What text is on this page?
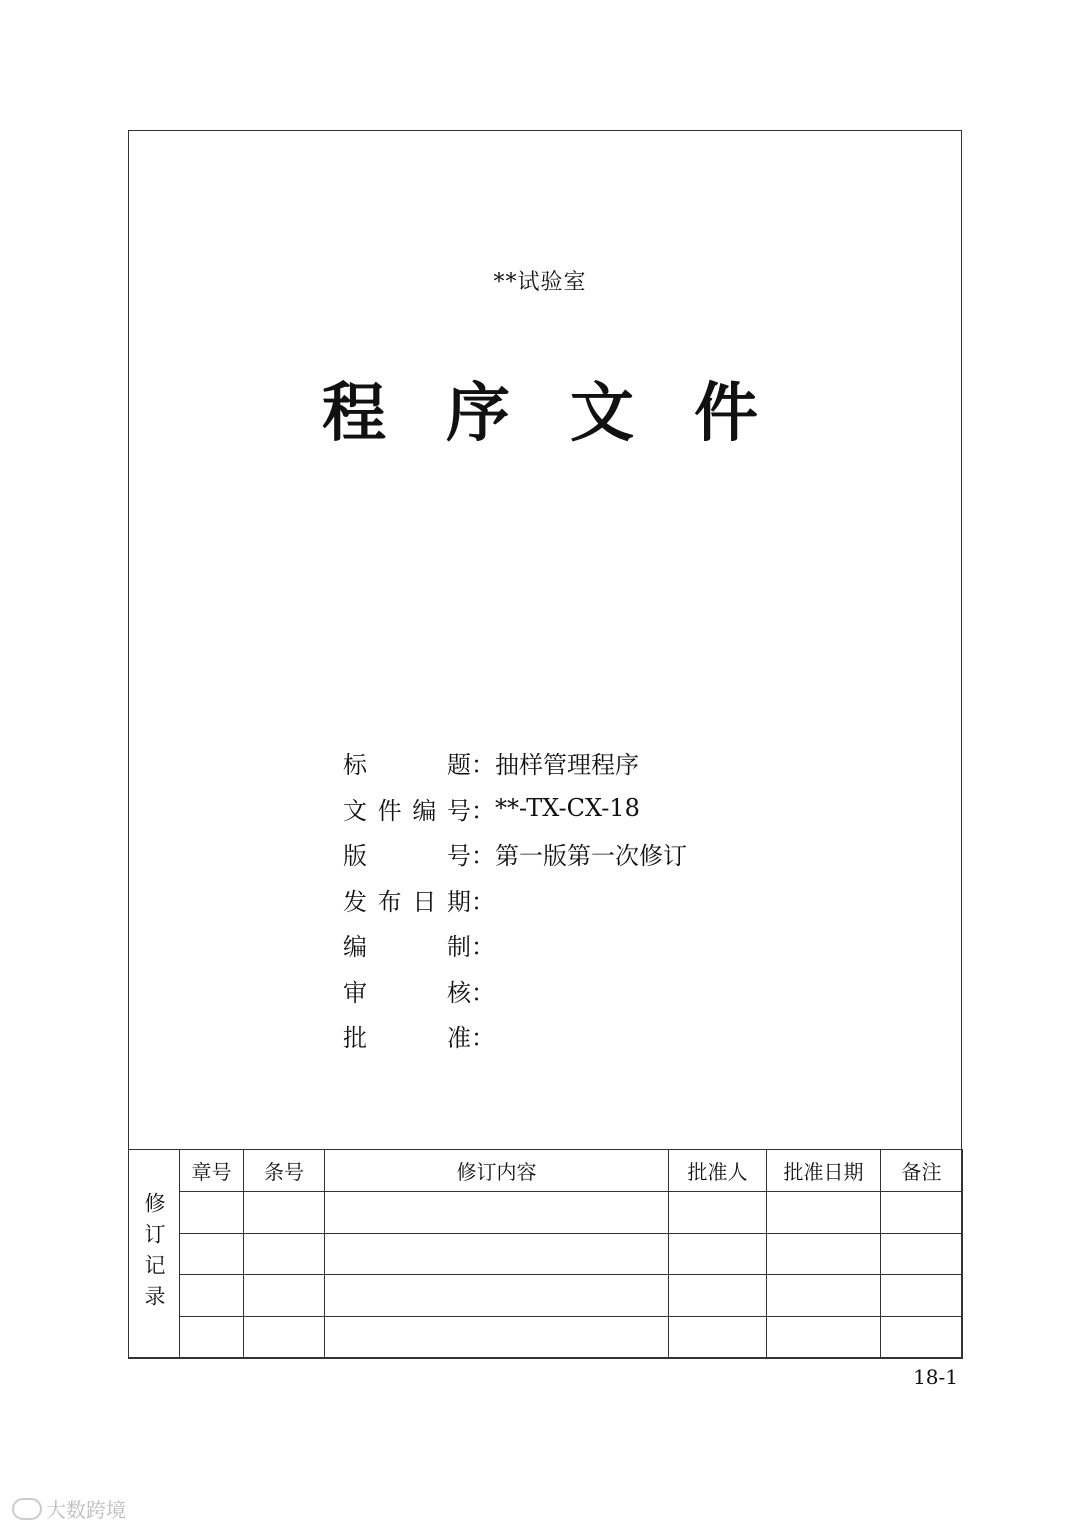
**试验室
程序文件
标	题 ： 抽样管理程序
文 件 编 号 ： **-TX-CX-18
版	号 ： 第一版第一次修订
发 布 日 期 ：
编	制 ：
审	核 ：
批	准 ：
修订记录	章号	条号	修订内容	批准人	批准日期	备注

18-1
大数跨境
